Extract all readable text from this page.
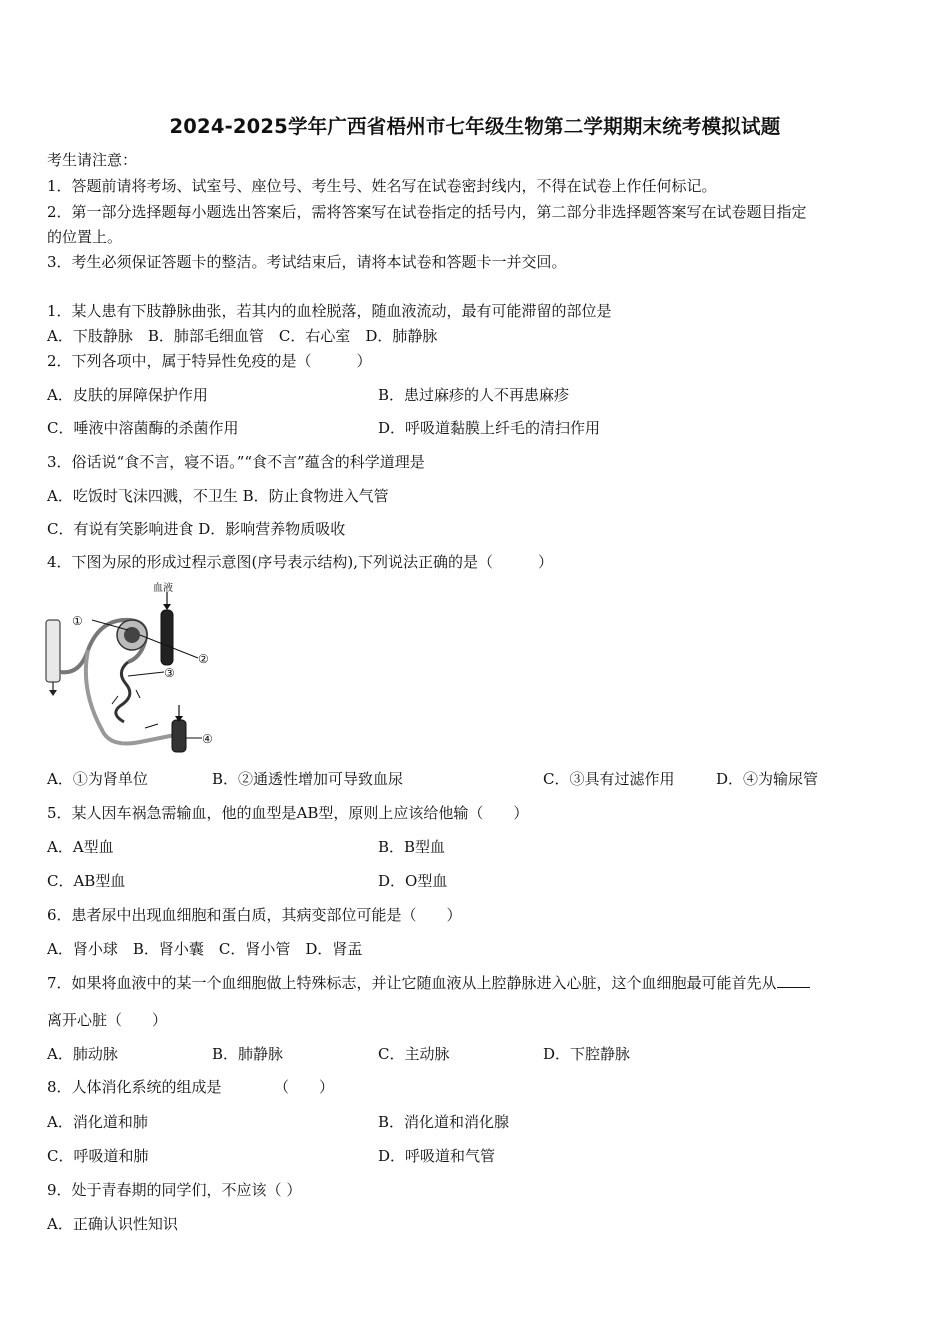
2024-2025学年广西省梧州市七年级生物第二学期期末统考模拟试题
考生请注意：
1．答题前请将考场、试室号、座位号、考生号、姓名写在试卷密封线内，不得在试卷上作任何标记。
2．第一部分选择题每小题选出答案后，需将答案写在试卷指定的括号内，第二部分非选择题答案写在试卷题目指定
的位置上。
3．考生必须保证答题卡的整洁。考试结束后，请将本试卷和答题卡一并交回。
1．某人患有下肢静脉曲张，若其内的血栓脱落，随血液流动，最有可能滞留的部位是
A．下肢静脉　B．肺部毛细血管　C．右心室　D．肺静脉
2．下列各项中，属于特异性免疫的是（　　　）
A．皮肤的屏障保护作用	B．患过麻疹的人不再患麻疹
C．唾液中溶菌酶的杀菌作用	D．呼吸道黏膜上纤毛的清扫作用
3．俗话说“食不言，寝不语。”“食不言”蕴含的科学道理是
A．吃饭时飞沫四溅，不卫生 B．防止食物进入气管
C．有说有笑影响进食 D．影响营养物质吸收
4．下图为尿的形成过程示意图(序号表示结构),下列说法正确的是（　　　）
血液
①
②
③
④
A．①为肾单位	B．②通透性增加可导致血尿	C．③具有过滤作用	D．④为输尿管
5．某人因车祸急需输血，他的血型是AB型，原则上应该给他输（　　）
A．A型血	B．B型血
C．AB型血	D．O型血
6．患者尿中出现血细胞和蛋白质，其病变部位可能是（　　）
A．肾小球　B．肾小囊　C．肾小管　D．肾盂
7．如果将血液中的某一个血细胞做上特殊标志，并让它随血液从上腔静脉进入心脏，这个血细胞最可能首先从
离开心脏（　　）
A．肺动脉	B．肺静脉	C．主动脉	D．下腔静脉
8．人体消化系统的组成是　　　　（　　）
A．消化道和肺	B．消化道和消化腺
C．呼吸道和肺	D．呼吸道和气管
9．处于青春期的同学们，不应该（ ）
A．正确认识性知识
